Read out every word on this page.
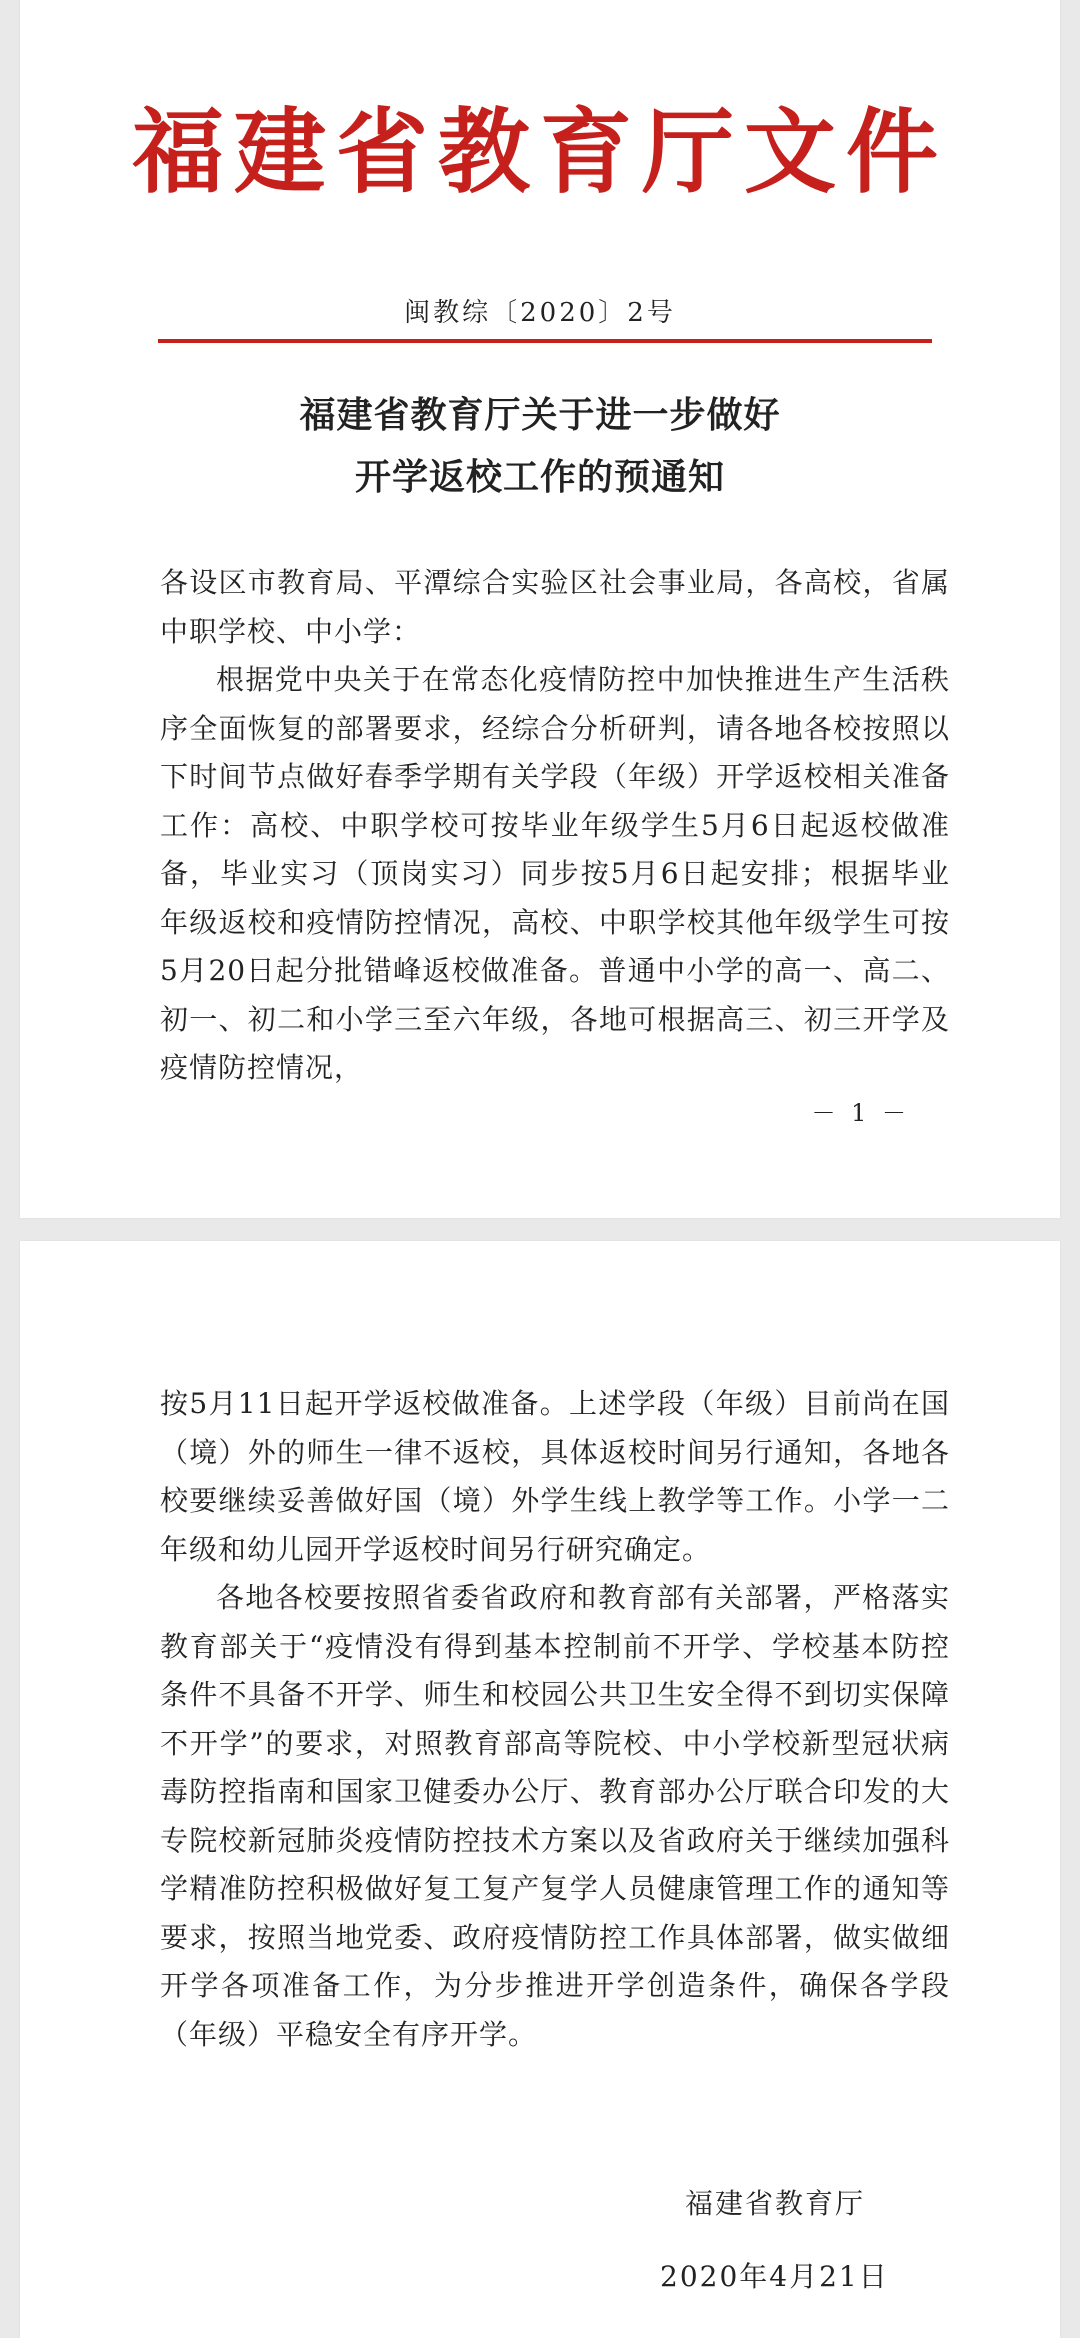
福建省教育厅文件
闽教综〔2020〕2号
福建省教育厅关于进一步做好
开学返校工作的预通知

各设区市教育局、平潭综合实验区社会事业局，各高校，省属中职学校、中小学：

根据党中央关于在常态化疫情防控中加快推进生产生活秩序全面恢复的部署要求，经综合分析研判，请各地各校按照以下时间节点做好春季学期有关学段（年级）开学返校相关准备工作：高校、中职学校可按毕业年级学生5月6日起返校做准备，毕业实习（顶岗实习）同步按5月6日起安排；根据毕业年级返校和疫情防控情况，高校、中职学校其他年级学生可按5月20日起分批错峰返校做准备。普通中小学的高一、高二、初一、初二和小学三至六年级，各地可根据高三、初三开学及疫情防控情况，

－ 1 －

按5月11日起开学返校做准备。上述学段（年级）目前尚在国（境）外的师生一律不返校，具体返校时间另行通知，各地各校要继续妥善做好国（境）外学生线上教学等工作。小学一二年级和幼儿园开学返校时间另行研究确定。

各地各校要按照省委省政府和教育部有关部署，严格落实教育部关于“疫情没有得到基本控制前不开学、学校基本防控条件不具备不开学、师生和校园公共卫生安全得不到切实保障不开学”的要求，对照教育部高等院校、中小学校新型冠状病毒防控指南和国家卫健委办公厅、教育部办公厅联合印发的大专院校新冠肺炎疫情防控技术方案以及省政府关于继续加强科学精准防控积极做好复工复产复学人员健康管理工作的通知等要求，按照当地党委、政府疫情防控工作具体部署，做实做细开学各项准备工作，为分步推进开学创造条件，确保各学段（年级）平稳安全有序开学。

福建省教育厅
2020年4月21日
